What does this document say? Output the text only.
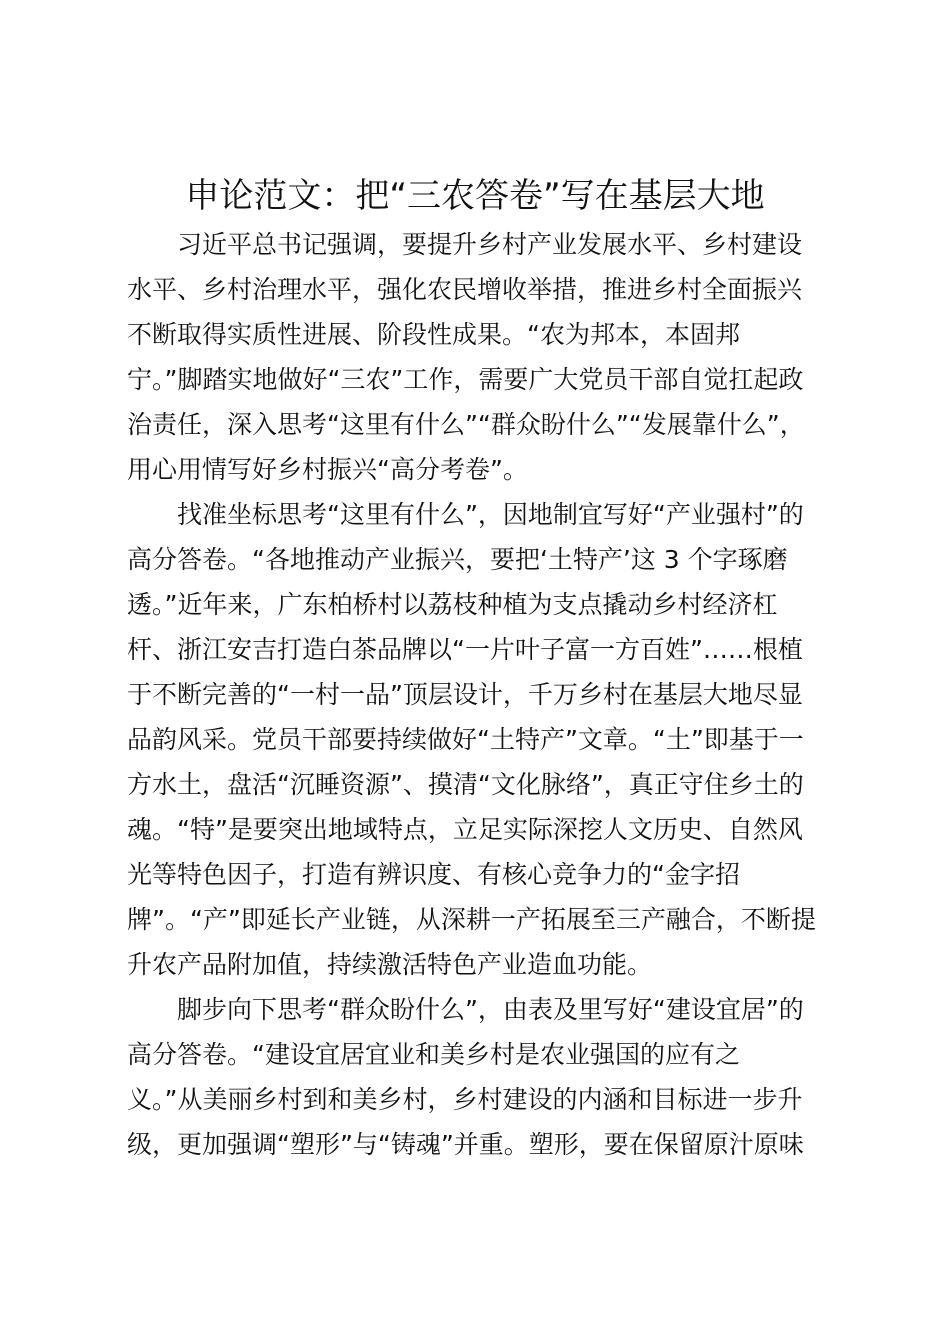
申论范文：把“三农答卷”写在基层大地
习近平总书记强调，要提升乡村产业发展水平、乡村建设
水平、乡村治理水平，强化农民增收举措，推进乡村全面振兴
不断取得实质性进展、阶段性成果。“农为邦本，本固邦
宁。”脚踏实地做好“三农”工作，需要广大党员干部自觉扛起政
治责任，深入思考“这里有什么”“群众盼什么”“发展靠什么”，
用心用情写好乡村振兴“高分考卷”。
找准坐标思考“这里有什么”，因地制宜写好“产业强村”的
高分答卷。“各地推动产业振兴，要把‘土特产’这 3 个字琢磨
透。”近年来，广东柏桥村以荔枝种植为支点撬动乡村经济杠
杆、浙江安吉打造白茶品牌以“一片叶子富一方百姓”……根植
于不断完善的“一村一品”顶层设计，千万乡村在基层大地尽显
品韵风采。党员干部要持续做好“土特产”文章。“土”即基于一
方水土，盘活“沉睡资源”、摸清“文化脉络”，真正守住乡土的
魂。“特”是要突出地域特点，立足实际深挖人文历史、自然风
光等特色因子，打造有辨识度、有核心竞争力的“金字招
牌”。“产”即延长产业链，从深耕一产拓展至三产融合，不断提
升农产品附加值，持续激活特色产业造血功能。
脚步向下思考“群众盼什么”，由表及里写好“建设宜居”的
高分答卷。“建设宜居宜业和美乡村是农业强国的应有之
义。”从美丽乡村到和美乡村，乡村建设的内涵和目标进一步升
级，更加强调“塑形”与“铸魂”并重。塑形，要在保留原汁原味
